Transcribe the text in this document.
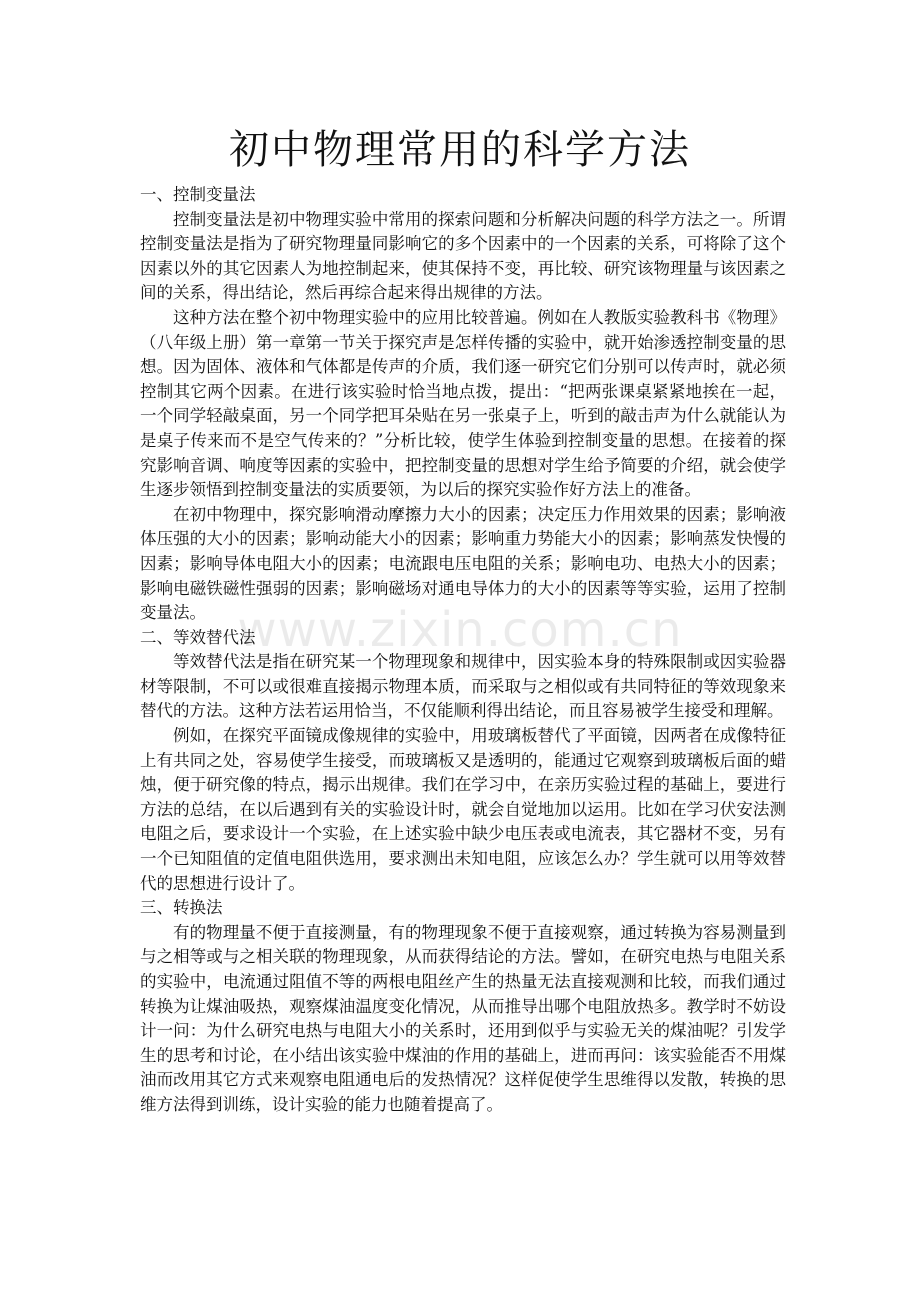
初中物理常用的科学方法
www.zixin.com.cn

一、控制变量法

控制变量法是初中物理实验中常用的探索问题和分析解决问题的科学方法之一。所谓控制变量法是指为了研究物理量同影响它的多个因素中的一个因素的关系，可将除了这个因素以外的其它因素人为地控制起来，使其保持不变，再比较、研究该物理量与该因素之间的关系，得出结论，然后再综合起来得出规律的方法。

这种方法在整个初中物理实验中的应用比较普遍。例如在人教版实验教科书《物理》（八年级上册）第一章第一节关于探究声是怎样传播的实验中，就开始渗透控制变量的思想。因为固体、液体和气体都是传声的介质，我们逐一研究它们分别可以传声时，就必须控制其它两个因素。在进行该实验时恰当地点拨，提出：“把两张课桌紧紧地挨在一起，一个同学轻敲桌面，另一个同学把耳朵贴在另一张桌子上，听到的敲击声为什么就能认为是桌子传来而不是空气传来的？”分析比较，使学生体验到控制变量的思想。在接着的探究影响音调、响度等因素的实验中，把控制变量的思想对学生给予简要的介绍，就会使学生逐步领悟到控制变量法的实质要领，为以后的探究实验作好方法上的准备。

在初中物理中，探究影响滑动摩擦力大小的因素；决定压力作用效果的因素；影响液体压强的大小的因素；影响动能大小的因素；影响重力势能大小的因素；影响蒸发快慢的因素；影响导体电阻大小的因素；电流跟电压电阻的关系；影响电功、电热大小的因素；影响电磁铁磁性强弱的因素；影响磁场对通电导体力的大小的因素等等实验，运用了控制变量法。

二、等效替代法

等效替代法是指在研究某一个物理现象和规律中，因实验本身的特殊限制或因实验器材等限制，不可以或很难直接揭示物理本质，而采取与之相似或有共同特征的等效现象来替代的方法。这种方法若运用恰当，不仅能顺利得出结论，而且容易被学生接受和理解。

例如，在探究平面镜成像规律的实验中，用玻璃板替代了平面镜，因两者在成像特征上有共同之处，容易使学生接受，而玻璃板又是透明的，能通过它观察到玻璃板后面的蜡烛，便于研究像的特点，揭示出规律。我们在学习中，在亲历实验过程的基础上，要进行方法的总结，在以后遇到有关的实验设计时，就会自觉地加以运用。比如在学习伏安法测电阻之后，要求设计一个实验，在上述实验中缺少电压表或电流表，其它器材不变，另有一个已知阻值的定值电阻供选用，要求测出未知电阻，应该怎么办？学生就可以用等效替代的思想进行设计了。

三、转换法

有的物理量不便于直接测量，有的物理现象不便于直接观察，通过转换为容易测量到与之相等或与之相关联的物理现象，从而获得结论的方法。譬如，在研究电热与电阻关系的实验中，电流通过阻值不等的两根电阻丝产生的热量无法直接观测和比较，而我们通过转换为让煤油吸热，观察煤油温度变化情况，从而推导出哪个电阻放热多。教学时不妨设计一问：为什么研究电热与电阻大小的关系时，还用到似乎与实验无关的煤油呢？引发学生的思考和讨论，在小结出该实验中煤油的作用的基础上，进而再问：该实验能否不用煤油而改用其它方式来观察电阻通电后的发热情况？这样促使学生思维得以发散，转换的思维方法得到训练，设计实验的能力也随着提高了。
